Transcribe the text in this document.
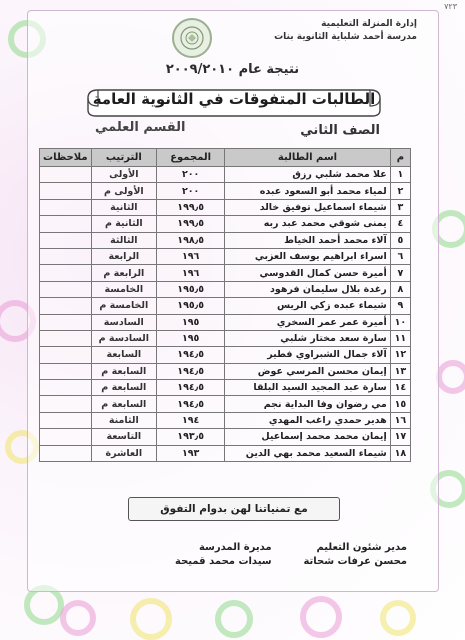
٧٢٣
إدارة المنزلة التعليمية
مدرسة أحمد شلباية الثانوية بنات
نتيجة عام ٢٠٠٩/٢٠١٠
الطالبات المتفوقات في الثانوية العامة
القسم العلمي	الصف الثاني
م	اسم الطالبة	المجموع	الترتيب	ملاحظات
١	علا محمد شلبي رزق	٢٠٠	الأولى	
٢	لمياء محمد أبو السعود عبده	٢٠٠	الأولى م	
٣	شيماء اسماعيل توفيق خالد	١٩٩٫٥	الثانية	
٤	يمنى شوقي محمد عبد ربه	١٩٩٫٥	الثانية م	
٥	آلاء محمد أحمد الخياط	١٩٨٫٥	الثالثة	
٦	اسراء ابراهيم يوسف العزبي	١٩٦	الرابعة	
٧	أميرة حسن كمال القدوسي	١٩٦	الرابعة م	
٨	رغدة بلال سليمان فرهود	١٩٥٫٥	الخامسة	
٩	شيماء عبده زكي الريس	١٩٥٫٥	الخامسة م	
١٠	أميرة عمر عمر السخري	١٩٥	السادسة	
١١	سارة سعد مختار شلبي	١٩٥	السادسة م	
١٢	آلاء جمال الشبراوي فطير	١٩٤٫٥	السابعة	
١٣	إيمان محسن المرسي عوض	١٩٤٫٥	السابعة م	
١٤	سارة عبد المجيد السيد البلقا	١٩٤٫٥	السابعة م	
١٥	مي رضوان وفا البداية نجم	١٩٤٫٥	السابعة م	
١٦	هدير حمدي راغب المهدي	١٩٤	الثامنة	
١٧	إيمان محمد محمد إسماعيل	١٩٣٫٥	التاسعة	
١٨	شيماء السعيد محمد بهي الدين	١٩٣	العاشرة	
مع تمنياتنا لهن بدوام التفوق
مدير شئون التعليم
محسن عرفات شحاتة
مديرة المدرسة
سيدات محمد قميحة
